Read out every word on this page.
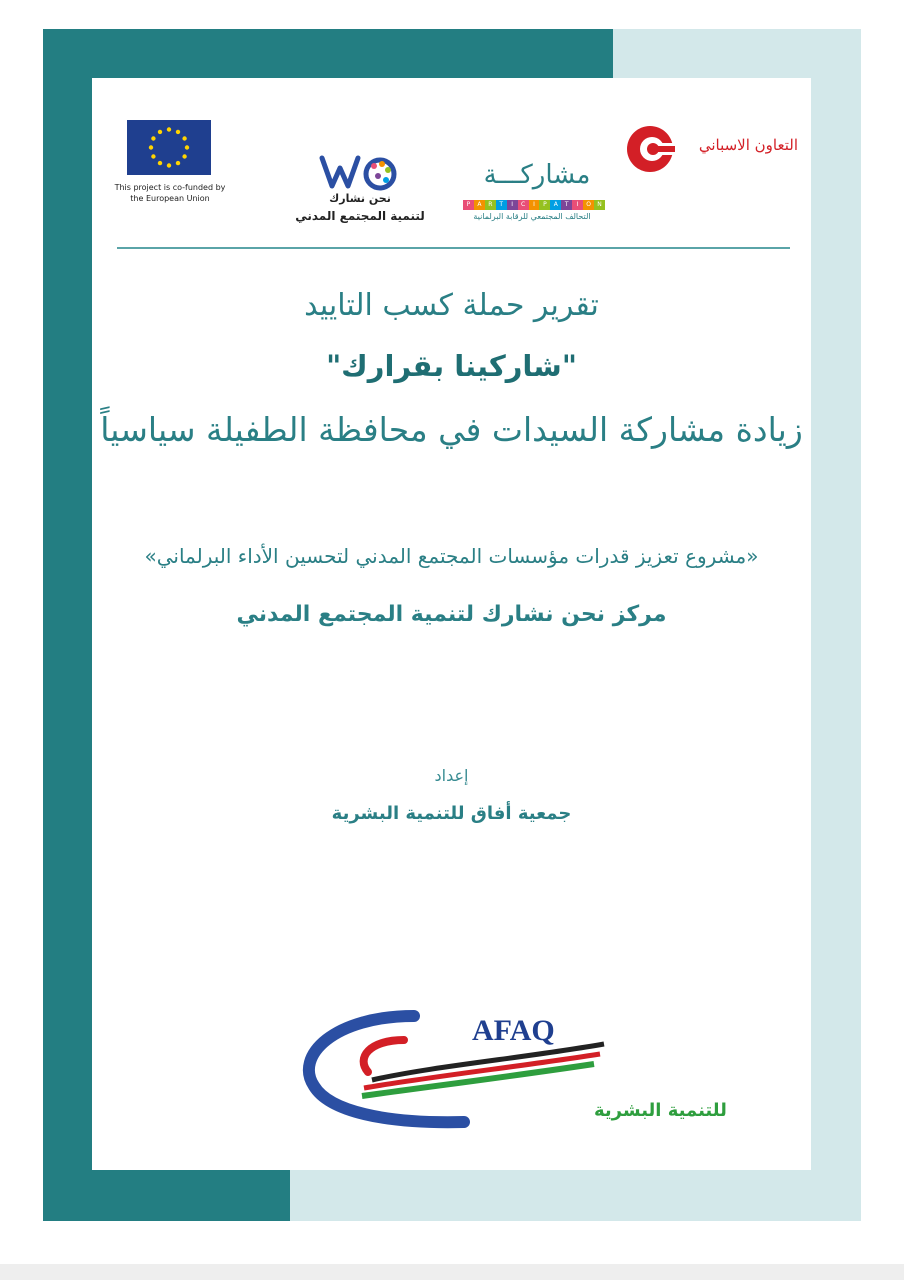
This project is co-funded by
the European Union	نحن نشارك
لتنمية المجتمع المدني
مشاركـــة
P	A	R	T	I	C	I	P	A	T	I	O	N
التحالف المجتمعي للرقابة البرلمانية
التعاون الاسباني
تقرير حملة كسب التاييد
"شاركينا بقرارك"
زيادة مشاركة السيدات في محافظة الطفيلة سياسياً
«مشروع تعزيز قدرات مؤسسات المجتمع المدني لتحسين الأداء البرلماني»
مركز نحن نشارك لتنمية المجتمع المدني
إعداد
جمعية أفاق للتنمية البشرية
AFAQ
للتنمية البشرية
